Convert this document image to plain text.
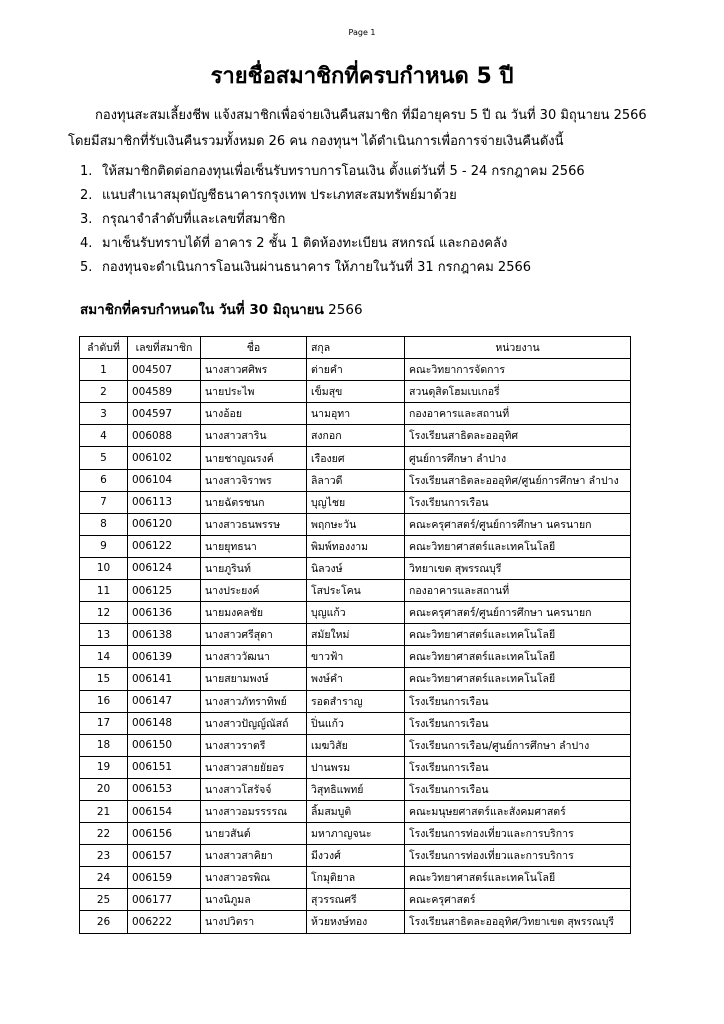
Page 1
รายชื่อสมาชิกที่ครบกำหนด 5 ปี
กองทุนสะสมเลี้ยงชีพ แจ้งสมาชิกเพื่อจ่ายเงินคืนสมาชิก ที่มีอายุครบ 5 ปี ณ วันที่ 30 มิถุนายน 2566
โดยมีสมาชิกที่รับเงินคืนรวมทั้งหมด 26 คน กองทุนฯ ได้ดำเนินการเพื่อการจ่ายเงินคืนดังนี้
1. ให้สมาชิกติดต่อกองทุนเพื่อเซ็นรับทราบการโอนเงิน ตั้งแต่วันที่ 5 - 24 กรกฎาคม 2566
2. แนบสำเนาสมุดบัญชีธนาคารกรุงเทพ ประเภทสะสมทรัพย์มาด้วย
3. กรุณาจำลำดับที่และเลขที่สมาชิก
4. มาเซ็นรับทราบได้ที่ อาคาร 2 ชั้น 1 ติดห้องทะเบียน สหกรณ์ และกองคลัง
5. กองทุนจะดำเนินการโอนเงินผ่านธนาคาร ให้ภายในวันที่ 31 กรกฎาคม 2566
สมาชิกที่ครบกำหนดใน วันที่ 30 มิถุนายน 2566
ลำดับที่	เลขที่สมาชิก	ชื่อ	สกุล	หน่วยงาน
1	004507	นางสาวศศิพร	ต่ายคำ	คณะวิทยาการจัดการ
2	004589	นายประไพ	เข็มสุข	สวนดุสิตโฮมเบเกอรี่
3	004597	นางอ้อย	นามอุทา	กองอาคารและสถานที่
4	006088	นางสาวสาริน	สงกอก	โรงเรียนสาธิตละอออุทิศ
5	006102	นายชาญณรงค์	เรืองยศ	ศูนย์การศึกษา ลำปาง
6	006104	นางสาวจิราพร	ลิลาวดี	โรงเรียนสาธิตละอออุทิศ/ศูนย์การศึกษา ลำปาง
7	006113	นายฉัตรชนก	บุญไชย	โรงเรียนการเรือน
8	006120	นางสาวธนพรรษ	พฤกษะวัน	คณะครุศาสตร์/ศูนย์การศึกษา นครนายก
9	006122	นายยุทธนา	พิมพ์ทองงาม	คณะวิทยาศาสตร์และเทคโนโลยี
10	006124	นายภูรินท์	นิลวงษ์	วิทยาเขต สุพรรณบุรี
11	006125	นางประยงค์	โสประโคน	กองอาคารและสถานที่
12	006136	นายมงคลชัย	บุญแก้ว	คณะครุศาสตร์/ศูนย์การศึกษา นครนายก
13	006138	นางสาวศรีสุดา	สมัยใหม่	คณะวิทยาศาสตร์และเทคโนโลยี
14	006139	นางสาววัฒนา	ขาวฟ้า	คณะวิทยาศาสตร์และเทคโนโลยี
15	006141	นายสยามพงษ์	พงษ์คำ	คณะวิทยาศาสตร์และเทคโนโลยี
16	006147	นางสาวภัทราทิพย์	รอดสำราญ	โรงเรียนการเรือน
17	006148	นางสาวปัญญ์ณัสถ์	ปิ่นแก้ว	โรงเรียนการเรือน
18	006150	นางสาวราตรี	เมฆวิสัย	โรงเรียนการเรือน/ศูนย์การศึกษา ลำปาง
19	006151	นางสาวสายยัยอร	ปานพรม	โรงเรียนการเรือน
20	006153	นางสาวโสรัจจ์	วิสุทธิแพทย์	โรงเรียนการเรือน
21	006154	นางสาวอมรรรรณ	ลิ้มสมบูติ	คณะมนุษยศาสตร์และสังคมศาสตร์
22	006156	นายวสันต์	มหาภาญจนะ	โรงเรียนการท่องเที่ยวและการบริการ
23	006157	นางสาวสาคิยา	มีงวงศ์	โรงเรียนการท่องเที่ยวและการบริการ
24	006159	นางสาวอรพิณ	โกมุติยาล	คณะวิทยาศาสตร์และเทคโนโลยี
25	006177	นางนิภูมล	สุวรรณศรี	คณะครุศาสตร์
26	006222	นางปวิตรา	ห้วยหงษ์ทอง	โรงเรียนสาธิตละอออุทิศ/วิทยาเขต สุพรรณบุรี
